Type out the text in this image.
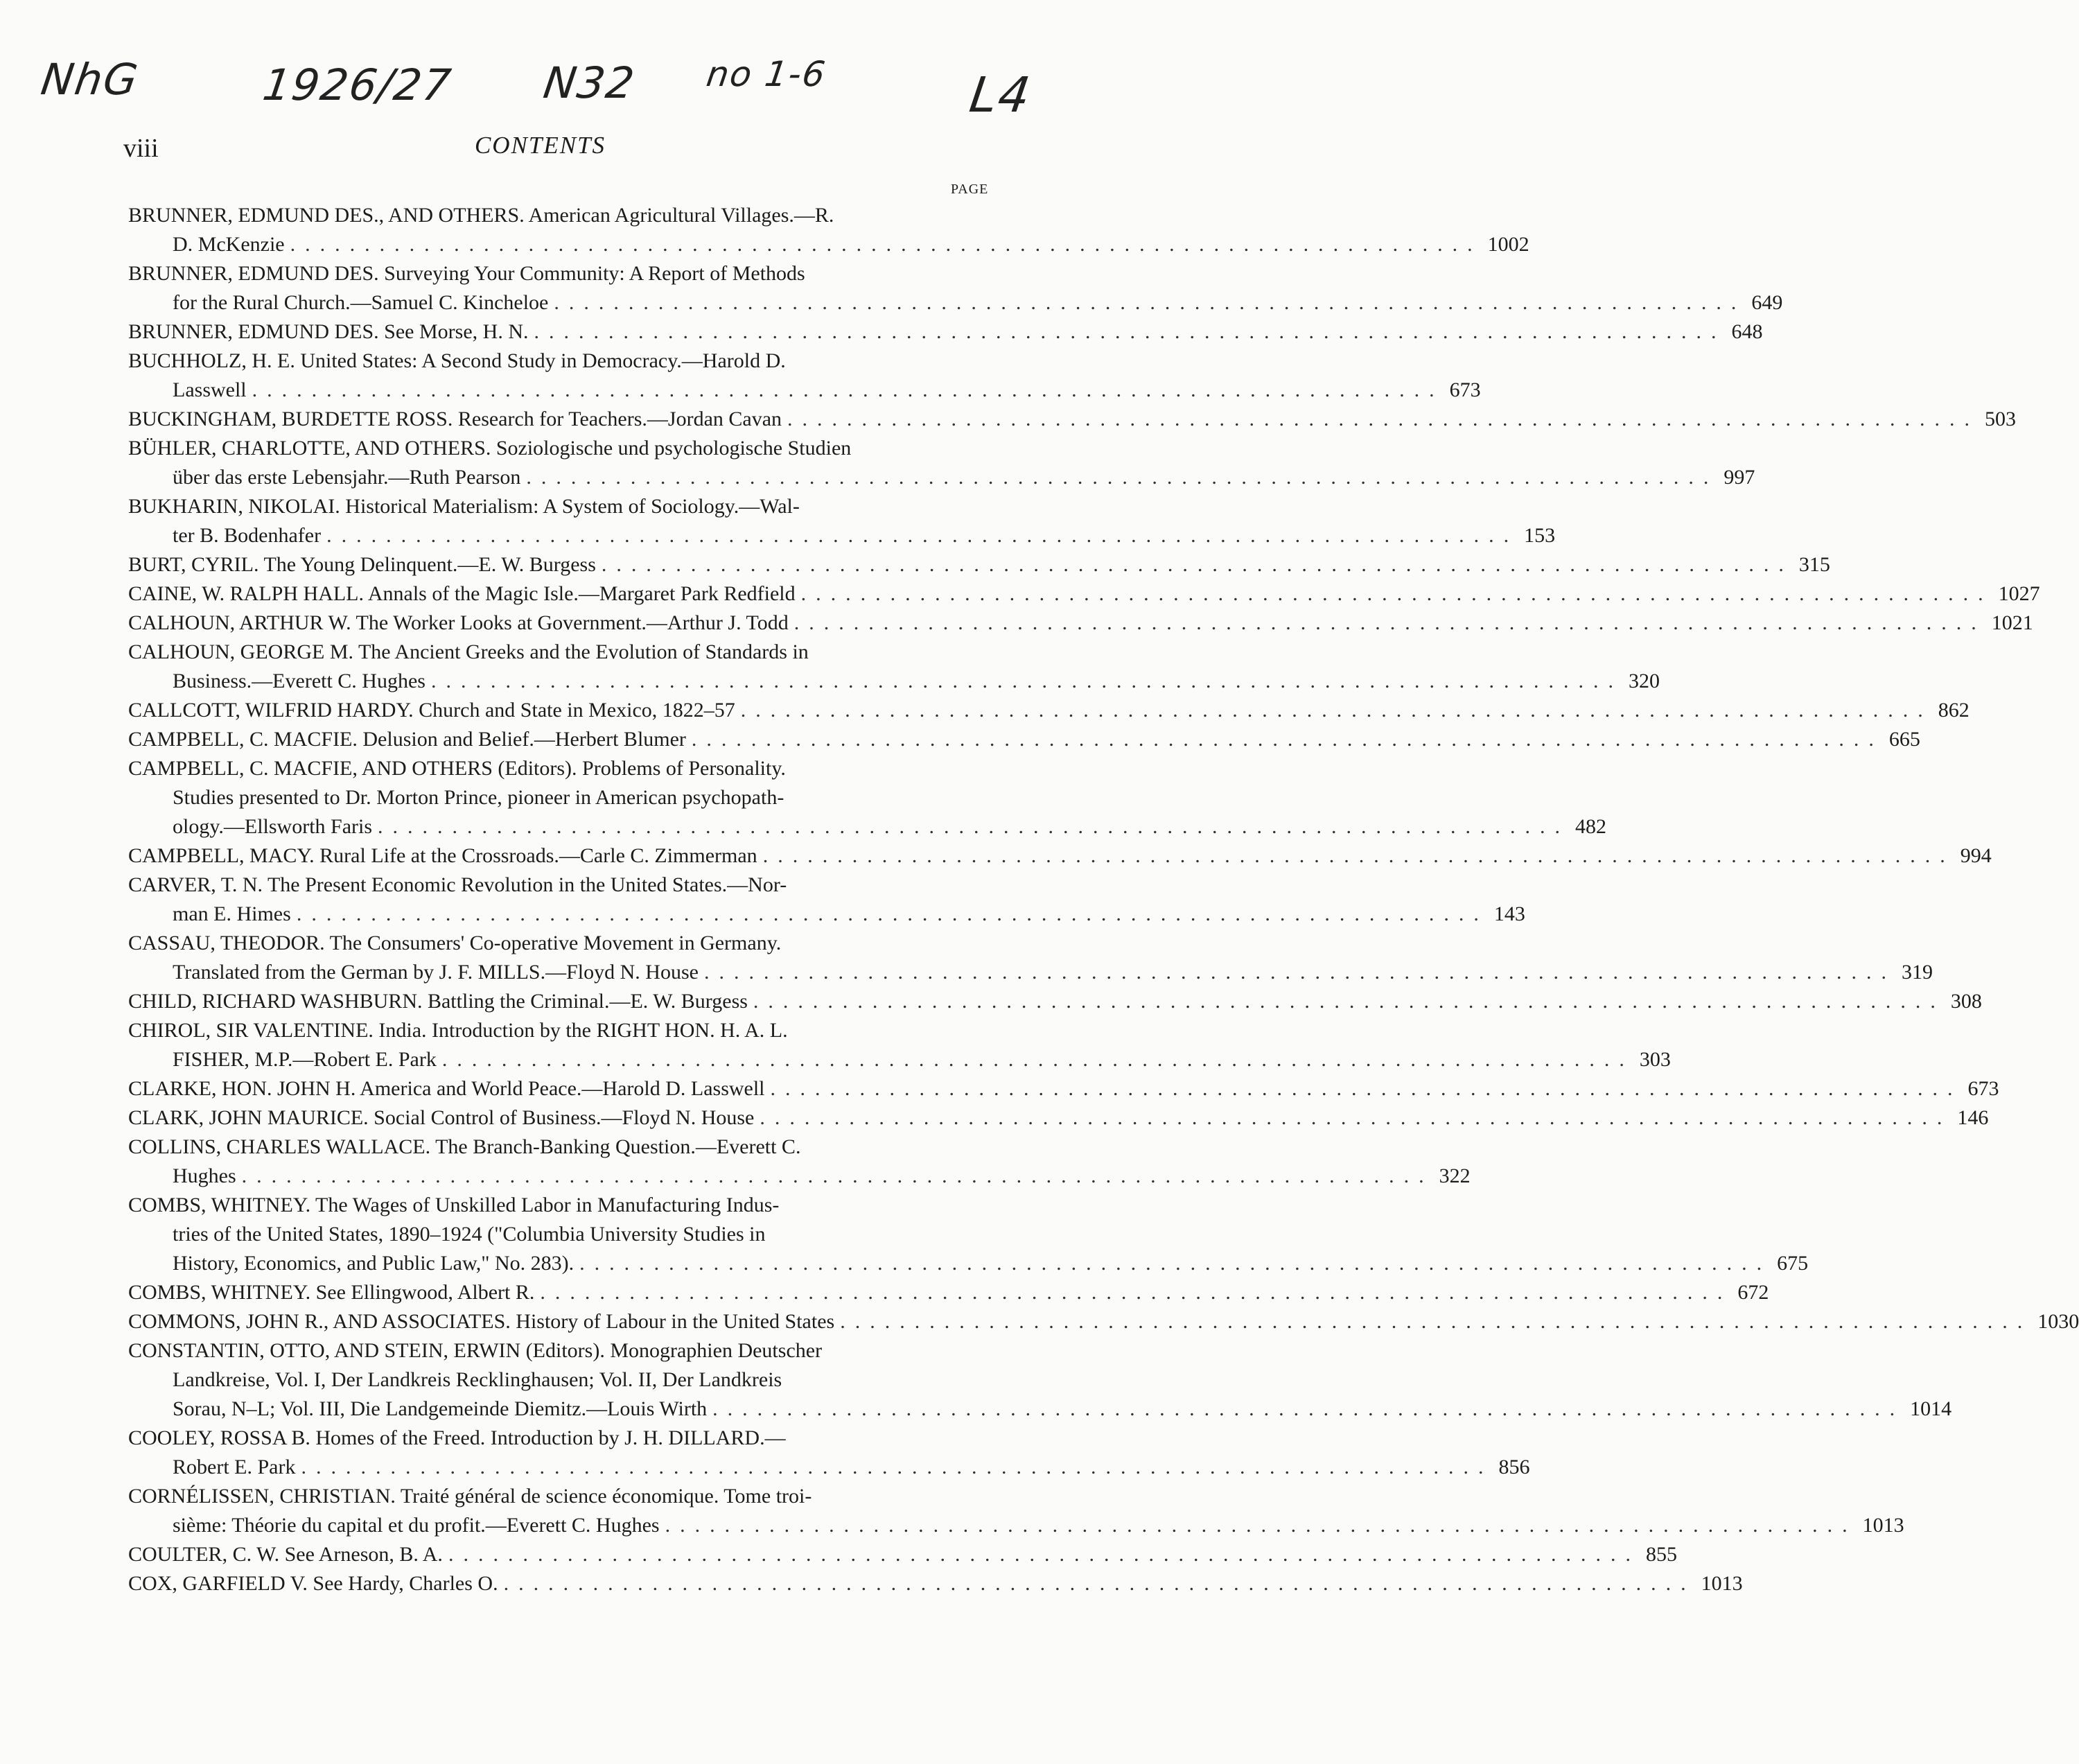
NhG	1926/27 N32 no 1-6	L4
viii	CONTENTS
PAGE
BRUNNER, EDMUND DES., AND OTHERS. American Agricultural Villages.—R.
D. McKenzie ................................................................................ 1002
BRUNNER, EDMUND DES. Surveying Your Community: A Report of Methods
for the Rural Church.—Samuel C. Kincheloe ................................................................................ 649
BRUNNER, EDMUND DES. See Morse, H. N. ................................................................................ 648
BUCHHOLZ, H. E. United States: A Second Study in Democracy.—Harold D.
Lasswell ................................................................................ 673
BUCKINGHAM, BURDETTE ROSS. Research for Teachers.—Jordan Cavan ................................................................................ 503
BÜHLER, CHARLOTTE, AND OTHERS. Soziologische und psychologische Studien
über das erste Lebensjahr.—Ruth Pearson ................................................................................ 997
BUKHARIN, NIKOLAI. Historical Materialism: A System of Sociology.—Wal-
ter B. Bodenhafer ................................................................................ 153
BURT, CYRIL. The Young Delinquent.—E. W. Burgess ................................................................................ 315
CAINE, W. RALPH HALL. Annals of the Magic Isle.—Margaret Park Redfield ................................................................................ 1027
CALHOUN, ARTHUR W. The Worker Looks at Government.—Arthur J. Todd ................................................................................ 1021
CALHOUN, GEORGE M. The Ancient Greeks and the Evolution of Standards in
Business.—Everett C. Hughes ................................................................................ 320
CALLCOTT, WILFRID HARDY. Church and State in Mexico, 1822–57 ................................................................................ 862
CAMPBELL, C. MACFIE. Delusion and Belief.—Herbert Blumer ................................................................................ 665
CAMPBELL, C. MACFIE, AND OTHERS (Editors). Problems of Personality.
Studies presented to Dr. Morton Prince, pioneer in American psychopath-
ology.—Ellsworth Faris ................................................................................ 482
CAMPBELL, MACY. Rural Life at the Crossroads.—Carle C. Zimmerman ................................................................................ 994
CARVER, T. N. The Present Economic Revolution in the United States.—Nor-
man E. Himes ................................................................................ 143
CASSAU, THEODOR. The Consumers' Co-operative Movement in Germany.
Translated from the German by J. F. MILLS.—Floyd N. House ................................................................................ 319
CHILD, RICHARD WASHBURN. Battling the Criminal.—E. W. Burgess ................................................................................ 308
CHIROL, SIR VALENTINE. India. Introduction by the RIGHT HON. H. A. L.
FISHER, M.P.—Robert E. Park ................................................................................ 303
CLARKE, HON. JOHN H. America and World Peace.—Harold D. Lasswell ................................................................................ 673
CLARK, JOHN MAURICE. Social Control of Business.—Floyd N. House ................................................................................ 146
COLLINS, CHARLES WALLACE. The Branch-Banking Question.—Everett C.
Hughes ................................................................................ 322
COMBS, WHITNEY. The Wages of Unskilled Labor in Manufacturing Indus-
tries of the United States, 1890–1924 ("Columbia University Studies in
History, Economics, and Public Law," No. 283). ................................................................................ 675
COMBS, WHITNEY. See Ellingwood, Albert R. ................................................................................ 672
COMMONS, JOHN R., AND ASSOCIATES. History of Labour in the United States ................................................................................ 1030
CONSTANTIN, OTTO, AND STEIN, ERWIN (Editors). Monographien Deutscher
Landkreise, Vol. I, Der Landkreis Recklinghausen; Vol. II, Der Landkreis
Sorau, N–L; Vol. III, Die Landgemeinde Diemitz.—Louis Wirth ................................................................................ 1014
COOLEY, ROSSA B. Homes of the Freed. Introduction by J. H. DILLARD.—
Robert E. Park ................................................................................ 856
CORNÉLISSEN, CHRISTIAN. Traité général de science économique. Tome troi-
sième: Théorie du capital et du profit.—Everett C. Hughes ................................................................................ 1013
COULTER, C. W. See Arneson, B. A. ................................................................................ 855
COX, GARFIELD V. See Hardy, Charles O. ................................................................................ 1013
